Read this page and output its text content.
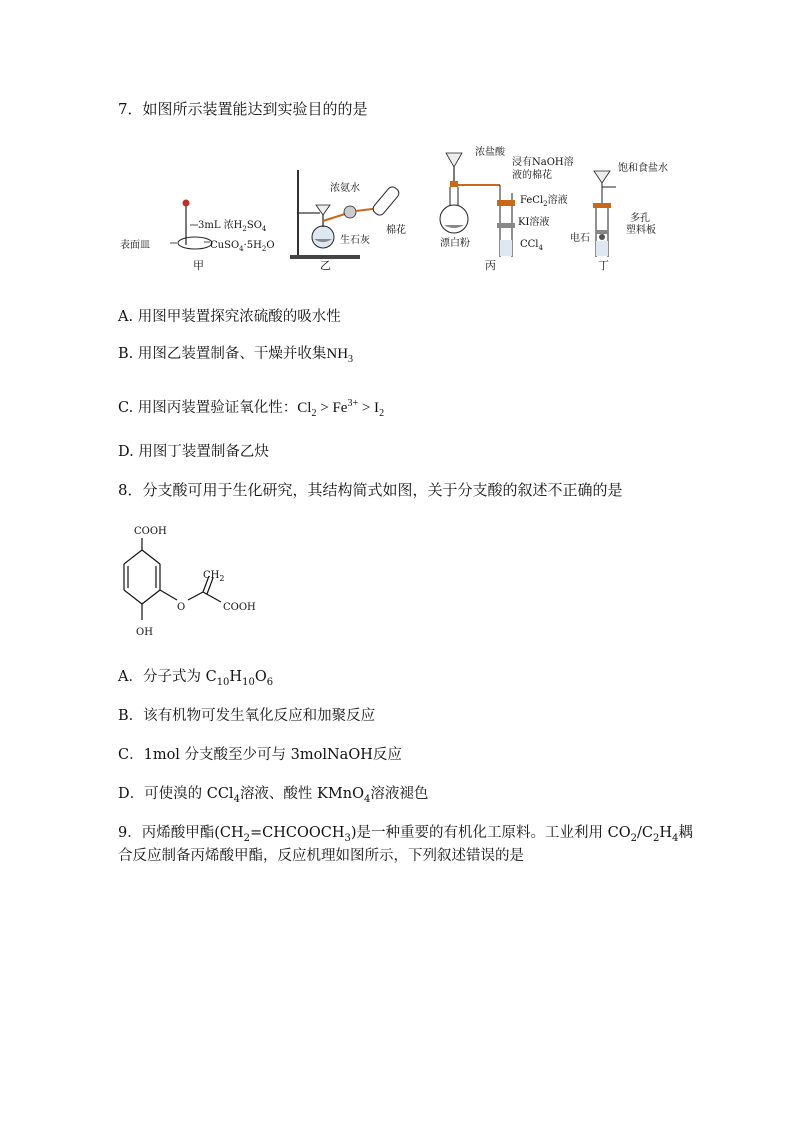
7．如图所示装置能达到实验目的的是
3mL 浓$H_2SO_4$
表面皿	$CuSO_4\cdot 5H_2O$
甲
浓氨水
棉花
生石灰
乙
浓盐酸
浸有NaOH溶
液的棉花
FeCl$_2$溶液
KI溶液
漂白粉	CCl$_4$
丙
饱和食盐水
多孔
塑料板
电石
丁
A. 用图甲装置探究浓硫酸的吸水性
B. 用图乙装置制备、干燥并收集$NH_3$
C. 用图丙装置验证氧化性：$Cl_2 > Fe^{3+} > I_2$
D. 用图丁装置制备乙炔
8．分支酸可用于生化研究，其结构简式如图，关于分支酸的叙述不正确的是
COOH
$CH_2$
O	COOH
OH
A．分子式为 $C_{10}H_{10}O_6$
B．该有机物可发生氧化反应和加聚反应
C．1mol 分支酸至少可与 3molNaOH反应
D．可使溴的 CCl$_4$溶液、酸性 KMnO$_4$溶液褪色
9．丙烯酸甲酯$(CH_2=CHCOOCH_3)$是一种重要的有机化工原料。工业利用 $CO_2/C_2H_4$耦
合反应制备丙烯酸甲酯，反应机理如图所示，下列叙述错误的是
